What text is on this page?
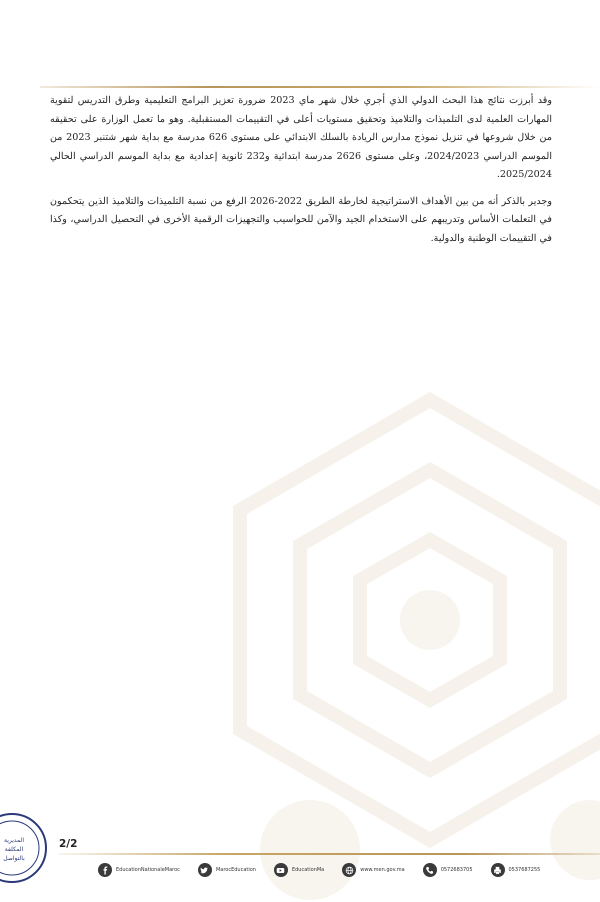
وقد أبرزت نتائج هذا البحث الدولي الذي أجري خلال شهر ماي 2023 ضرورة تعزيز البرامج التعليمية وطرق التدريس لتقوية المهارات العلمية لدى التلميذات والتلاميذ وتحقيق مستويات أعلى في التقييمات المستقبلية. وهو ما تعمل الوزارة على تحقيقه من خلال شروعها في تنزيل نموذج مدارس الريادة بالسلك الابتدائي على مستوى 626 مدرسة مع بداية شهر شتنبر 2023 من الموسم الدراسي 2024/2023، وعلى مستوى 2626 مدرسة ابتدائية و232 ثانوية إعدادية مع بداية الموسم الدراسي الحالي 2025/2024.

وجدير بالذكر أنه من بين الأهداف الاستراتيجية لخارطة الطريق 2022-2026 الرفع من نسبة التلميذات والتلاميذ الذين يتحكمون في التعلمات الأساس وتدريبهم على الاستخدام الجيد والآمن للحواسيب والتجهيزات الرقمية الأخرى في التحصيل الدراسي، وكذا في التقييمات الوطنية والدولية.

المديرية
المكلفة
بالتواصل
2/2
EducationNationaleMaroc	MarocEducation	EducationMa	www.men.gov.ma	0572683705	0537687255
